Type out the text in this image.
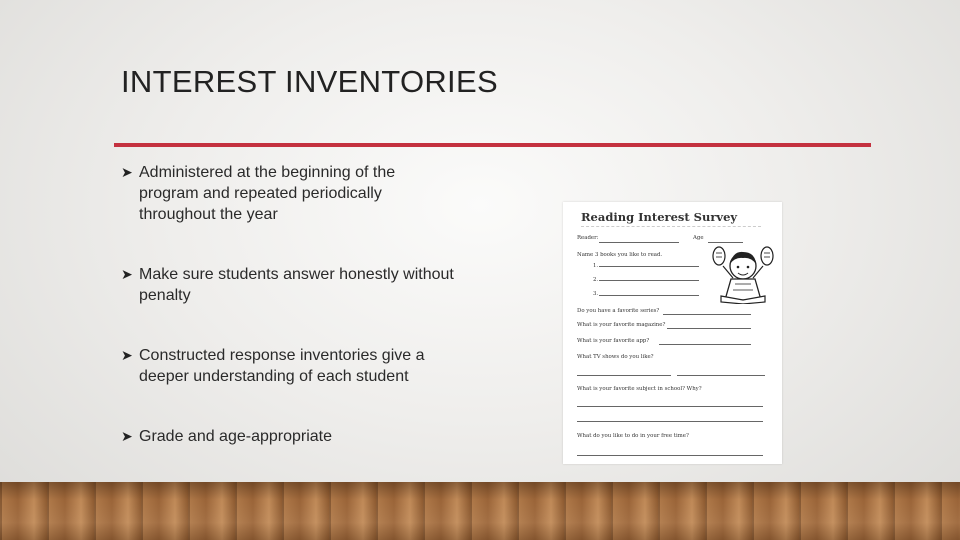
INTEREST INVENTORIES
➤ Administered at the beginning of the
program and repeated periodically
throughout the year
➤ Make sure students answer honestly without
penalty
➤ Constructed response inventories give a
deeper understanding of each student
➤ Grade and age-appropriate
Reading Interest Survey
Reader:	Age
Name 3 books you like to read.
1.
2.
3.
Do you have a favorite series?
What is your favorite magazine?
What is your favorite app?
What TV shows do you like?
What is your favorite subject in school? Why?
What do you like to do in your free time?
